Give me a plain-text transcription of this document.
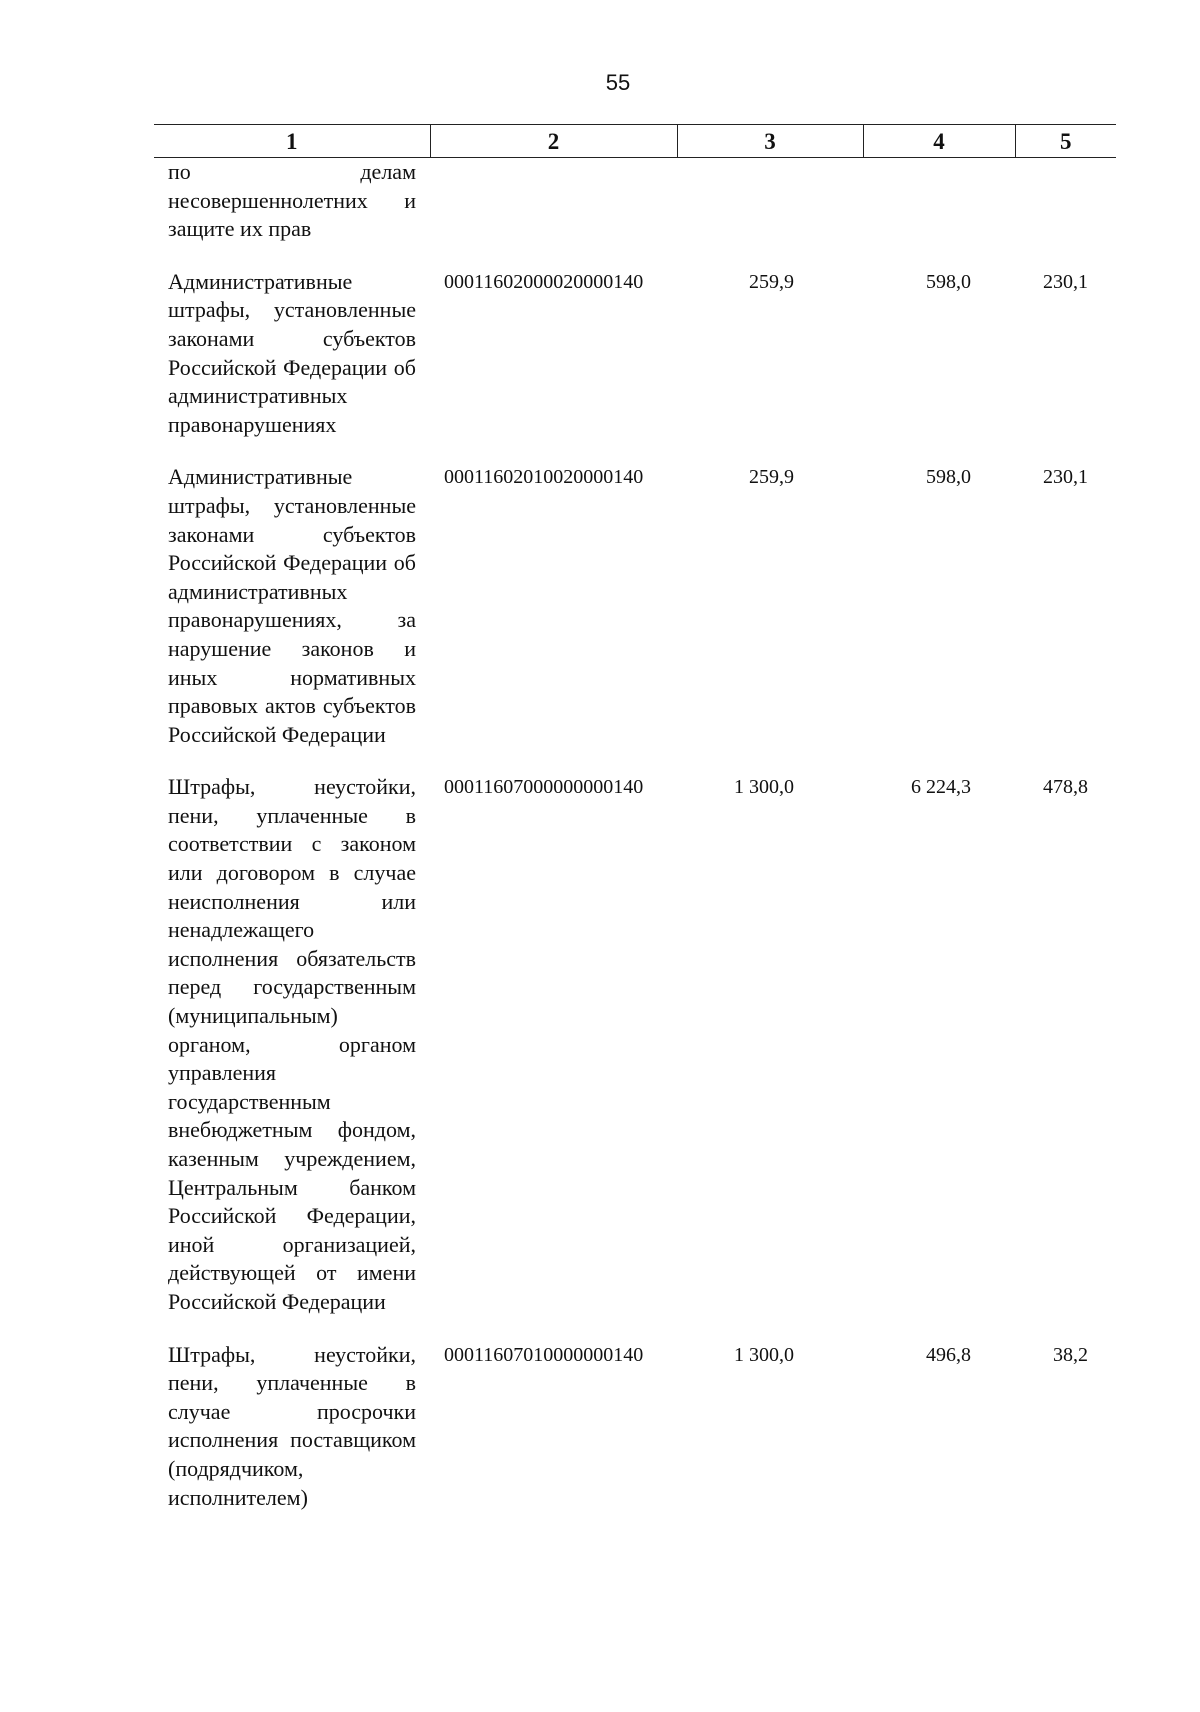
55
1	2	3	4	5
по делам несовершеннолетних и защите их прав				

Административные штрафы, установленные законами субъектов Российской Федерации об административных правонарушениях	00011602000020000140	259,9	598,0	230,1

Административные штрафы, установленные законами субъектов Российской Федерации об административных правонарушениях, за нарушение законов и иных нормативных правовых актов субъектов Российской Федерации	00011602010020000140	259,9	598,0	230,1

Штрафы, неустойки, пени, уплаченные в соответствии с законом или договором в случае неисполнения или ненадлежащего исполнения обязательств перед государственным (муниципальным) органом, органом управления государственным внебюджетным фондом, казенным учреждением, Центральным банком Российской Федерации, иной организацией, действующей от имени Российской Федерации	00011607000000000140	1 300,0	6 224,3	478,8

Штрафы, неустойки, пени, уплаченные в случае просрочки исполнения поставщиком (подрядчиком, исполнителем)	00011607010000000140	1 300,0	496,8	38,2
